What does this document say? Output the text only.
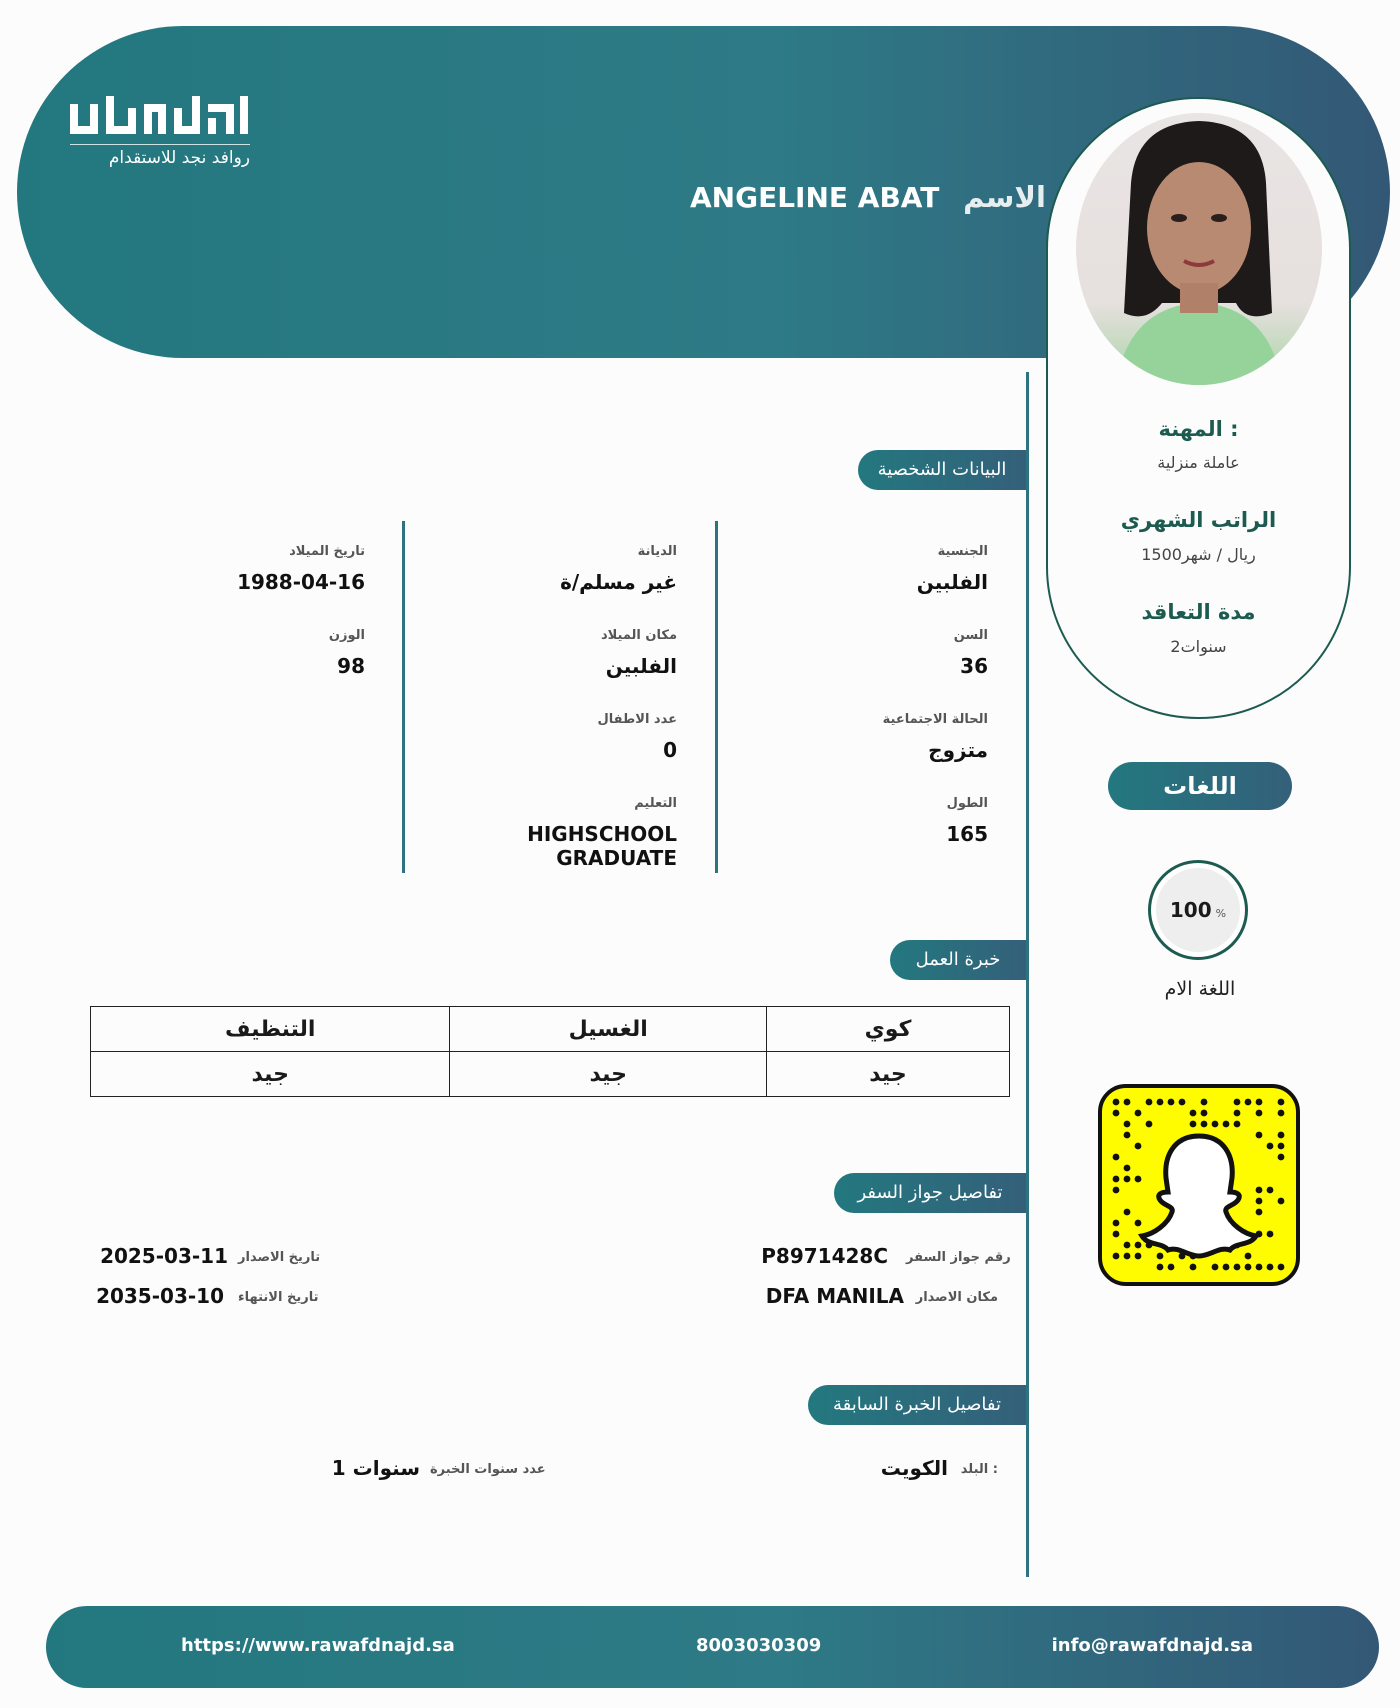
روافد نجد للاستقدام
ANGELINE ABAT الاسم
المهنة :
عاملة منزلية
الراتب الشهري
1500ريال / شهر
مدة التعاقد
2سنوات
اللغات
100 %
اللغة الام
البيانات الشخصية
الجنسية
الفلبين
السن
36
الحالة الاجتماعية
متزوج
الطول
165
الديانة
غير مسلم/ة
مكان الميلاد
الفلبين
عدد الاطفال
0
التعليم
HIGHSCHOOL GRADUATE
تاريخ الميلاد
1988-04-16
الوزن
98
خبرة العمل
التنظيف	الغسيل	كوي
جيد	جيد	جيد
تفاصيل جواز السفر
رقم جواز السفر
P8971428C
مكان الاصدار
DFA MANILA
تاريخ الاصدار
2025-03-11
تاريخ الانتهاء
2035-03-10
تفاصيل الخبرة السابقة
البلد :
الكويت
عدد سنوات الخبرة
1 سنوات
https://www.rawafdnajd.sa	8003030309	info@rawafdnajd.sa
